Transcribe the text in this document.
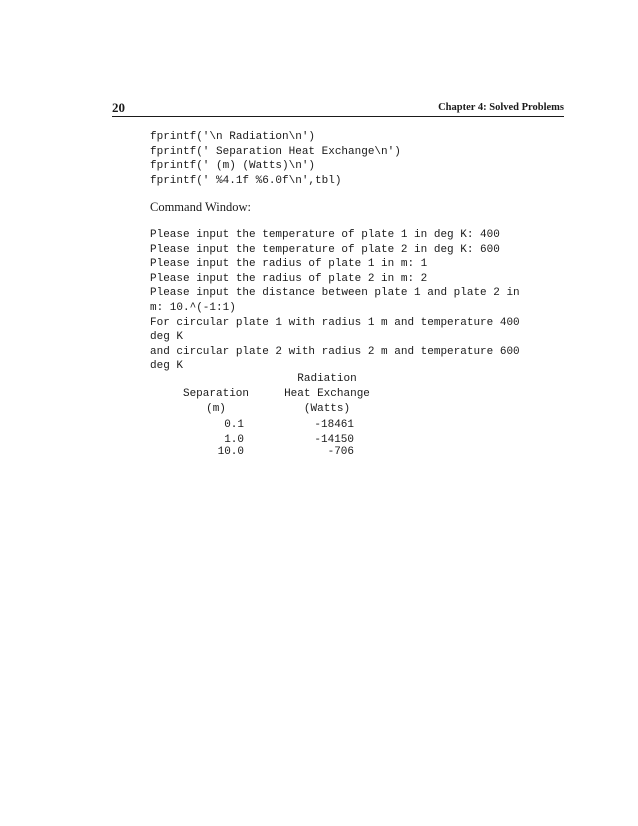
20	Chapter 4: Solved Problems
fprintf('\n Radiation\n')
fprintf(' Separation Heat Exchange\n')
fprintf(' (m) (Watts)\n')
fprintf(' %4.1f %6.0f\n',tbl)
Command Window:
Please input the temperature of plate 1 in deg K: 400
Please input the temperature of plate 2 in deg K: 600
Please input the radius of plate 1 in m: 1
Please input the radius of plate 2 in m: 2
Please input the distance between plate 1 and plate 2 in
m: 10.^(-1:1)
For circular plate 1 with radius 1 m and temperature 400
deg K
and circular plate 2 with radius 2 m and temperature 600
deg K
Radiation
Separation	Heat Exchange
(m)	(Watts)
0.1	-18461
1.0	-14150
10.0	-706
